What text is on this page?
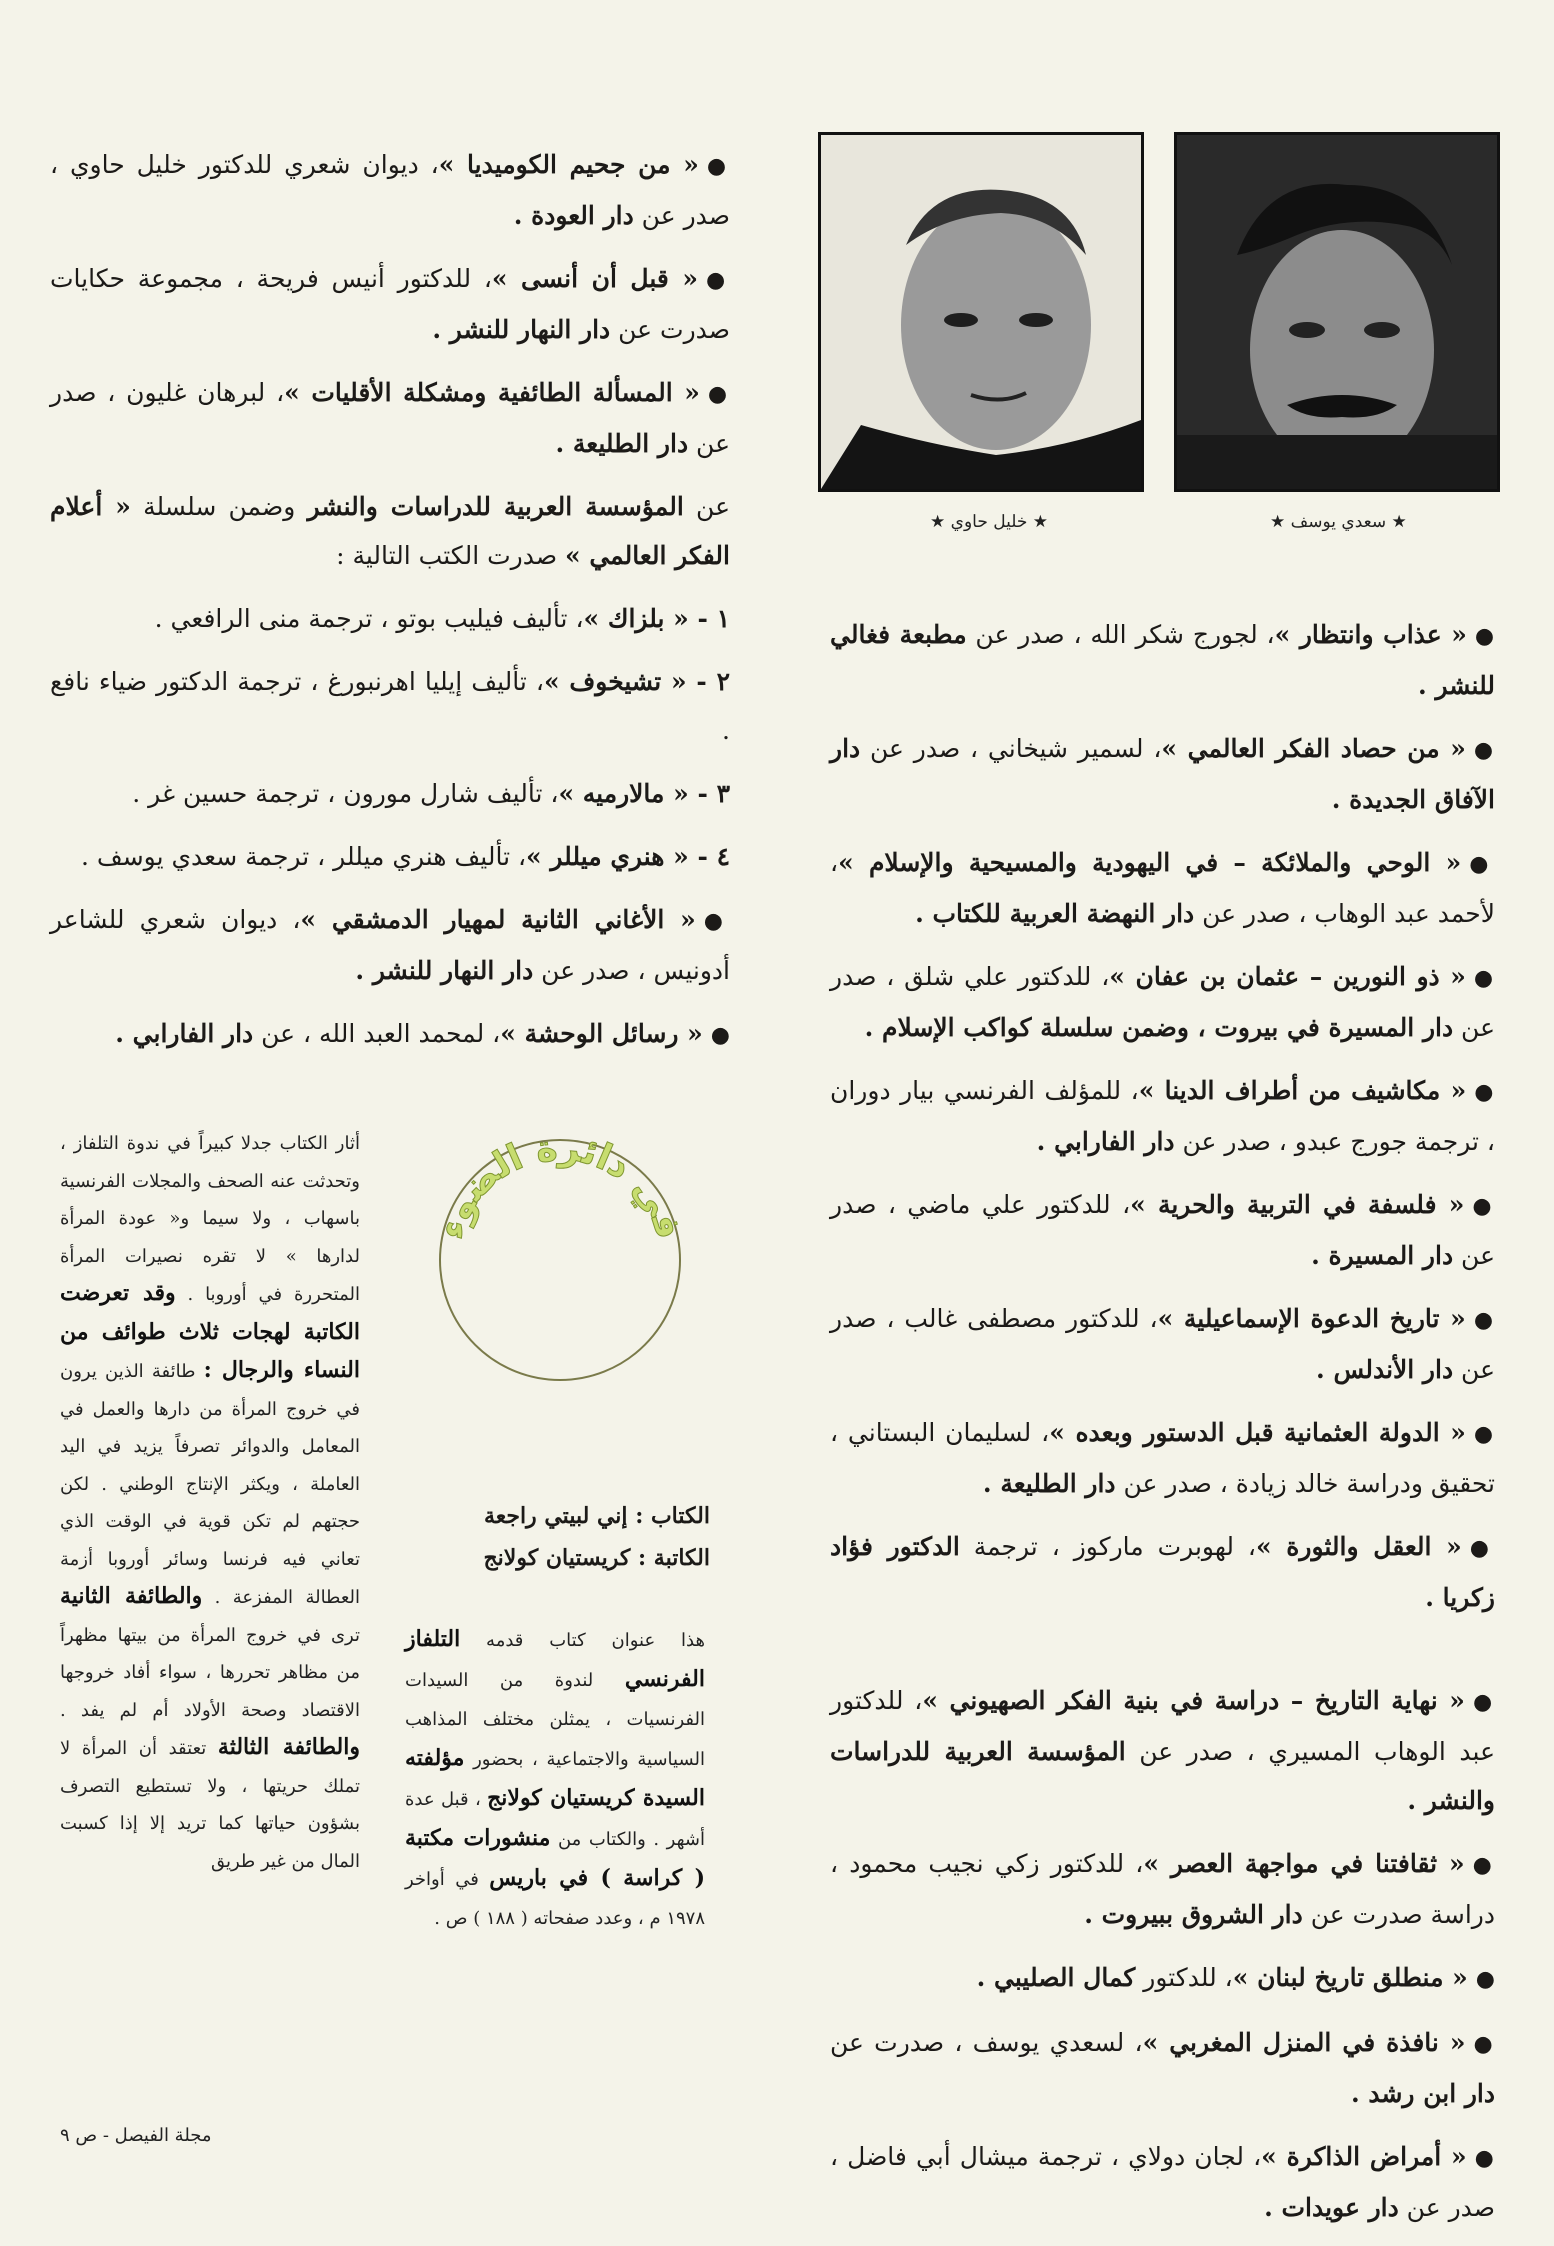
★ سعدي يوسف ★
★ خليل حاوي ★
●« عذاب وانتظار »، لجورج شكر الله ، صدر عن مطبعة فغالي للنشر .
●« من حصاد الفكر العالمي »، لسمير شيخاني ، صدر عن دار الآفاق الجديدة .
●« الوحي والملائكة – في اليهودية والمسيحية والإسلام »، لأحمد عبد الوهاب ، صدر عن دار النهضة العربية للكتاب .
●« ذو النورين – عثمان بن عفان »، للدكتور علي شلق ، صدر عن دار المسيرة في بيروت ، وضمن سلسلة كواكب الإسلام .
●« مكاشيف من أطراف الدينا »، للمؤلف الفرنسي بيار دوران ، ترجمة جورج عبدو ، صدر عن دار الفارابي .
●« فلسفة في التربية والحرية »، للدكتور علي ماضي ، صدر عن دار المسيرة .
●« تاريخ الدعوة الإسماعيلية »، للدكتور مصطفى غالب ، صدر عن دار الأندلس .
●« الدولة العثمانية قبل الدستور وبعده »، لسليمان البستاني ، تحقيق ودراسة خالد زيادة ، صدر عن دار الطليعة .
●« العقل والثورة »، لهوبرت ماركوز ، ترجمة الدكتور فؤاد زكريا .
●« نهاية التاريخ – دراسة في بنية الفكر الصهيوني »، للدكتور عبد الوهاب المسيري ، صدر عن المؤسسة العربية للدراسات والنشر .
●« ثقافتنا في مواجهة العصر »، للدكتور زكي نجيب محمود ، دراسة صدرت عن دار الشروق ببيروت .
●« منطلق تاريخ لبنان »، للدكتور كمال الصليبي .
●« نافذة في المنزل المغربي »، لسعدي يوسف ، صدرت عن دار ابن رشد .
●« أمراض الذاكرة »، لجان دولاي ، ترجمة ميشال أبي فاضل ، صدر عن دار عويدات .
●« من جحيم الكوميديا »، ديوان شعري للدكتور خليل حاوي ، صدر عن دار العودة .
●« قبل أن أنسى »، للدكتور أنيس فريحة ، مجموعة حكايات صدرت عن دار النهار للنشر .
●« المسألة الطائفية ومشكلة الأقليات »، لبرهان غليون ، صدر عن دار الطليعة .
عن المؤسسة العربية للدراسات والنشر وضمن سلسلة « أعلام الفكر العالمي » صدرت الكتب التالية :
١ - « بلزاك »، تأليف فيليب بوتو ، ترجمة منى الرافعي .
٢ - « تشيخوف »، تأليف إيليا اهرنبورغ ، ترجمة الدكتور ضياء نافع .
٣ - « مالارميه »، تأليف شارل مورون ، ترجمة حسين غر .
٤ - « هنري ميللر »، تأليف هنري ميللر ، ترجمة سعدي يوسف .
●« الأغاني الثانية لمهيار الدمشقي »، ديوان شعري للشاعر أدونيس ، صدر عن دار النهار للنشر .
●« رسائل الوحشة »، لمحمد العبد الله ، عن دار الفارابي .
في دائرة الضوء
الكتاب : إني لبيتي راجعة
الكاتبة : كريستيان كولانج
هذا عنوان كتاب قدمه التلفاز الفرنسي لندوة من السيدات الفرنسيات ، يمثلن مختلف المذاهب السياسية والاجتماعية ، بحضور مؤلفته السيدة كريستيان كولانج ، قبل عدة أشهر . والكتاب من منشورات مكتبة ( كراسة ) في باريس في أواخر ١٩٧٨ م ، وعدد صفحاته ( ١٨٨ ) ص .
أثار الكتاب جدلا كبيراً في ندوة التلفاز ، وتحدثت عنه الصحف والمجلات الفرنسية باسهاب ، ولا سيما و« عودة المرأة لدارها » لا تقره نصيرات المرأة المتحررة في أوروبا . وقد تعرضت الكاتبة لهجات ثلاث طوائف من النساء والرجال : طائفة الذين يرون في خروج المرأة من دارها والعمل في المعامل والدوائر تصرفاً يزيد في اليد العاملة ، ويكثر الإنتاج الوطني . لكن حجتهم لم تكن قوية في الوقت الذي تعاني فيه فرنسا وسائر أوروبا أزمة العطالة المفزعة . والطائفة الثانية ترى في خروج المرأة من بيتها مظهراً من مظاهر تحررها ، سواء أفاد خروجها الاقتصاد وصحة الأولاد أم لم يفد . والطائفة الثالثة تعتقد أن المرأة لا تملك حريتها ، ولا تستطيع التصرف بشؤون حياتها كما تريد إلا إذا كسبت المال من غير طريق
مجلة الفيصل - ص ٩
